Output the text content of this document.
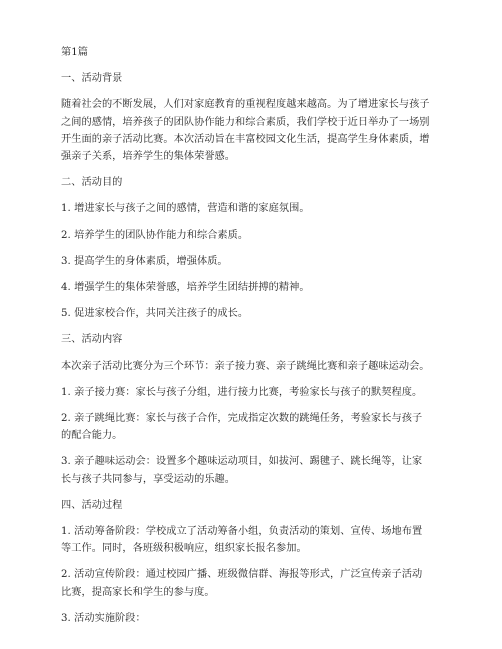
第1篇
一、活动背景
随着社会的不断发展，人们对家庭教育的重视程度越来越高。为了增进家长与孩子
之间的感情，培养孩子的团队协作能力和综合素质，我们学校于近日举办了一场别
开生面的亲子活动比赛。本次活动旨在丰富校园文化生活，提高学生身体素质，增
强亲子关系，培养学生的集体荣誉感。
二、活动目的
1. 增进家长与孩子之间的感情，营造和谐的家庭氛围。
2. 培养学生的团队协作能力和综合素质。
3. 提高学生的身体素质，增强体质。
4. 增强学生的集体荣誉感，培养学生团结拼搏的精神。
5. 促进家校合作，共同关注孩子的成长。
三、活动内容
本次亲子活动比赛分为三个环节：亲子接力赛、亲子跳绳比赛和亲子趣味运动会。
1. 亲子接力赛：家长与孩子分组，进行接力比赛，考验家长与孩子的默契程度。
2. 亲子跳绳比赛：家长与孩子合作，完成指定次数的跳绳任务，考验家长与孩子
的配合能力。
3. 亲子趣味运动会：设置多个趣味运动项目，如拔河、踢毽子、跳长绳等，让家
长与孩子共同参与，享受运动的乐趣。
四、活动过程
1. 活动筹备阶段：学校成立了活动筹备小组，负责活动的策划、宣传、场地布置
等工作。同时，各班级积极响应，组织家长报名参加。
2. 活动宣传阶段：通过校园广播、班级微信群、海报等形式，广泛宣传亲子活动
比赛，提高家长和学生的参与度。
3. 活动实施阶段：
